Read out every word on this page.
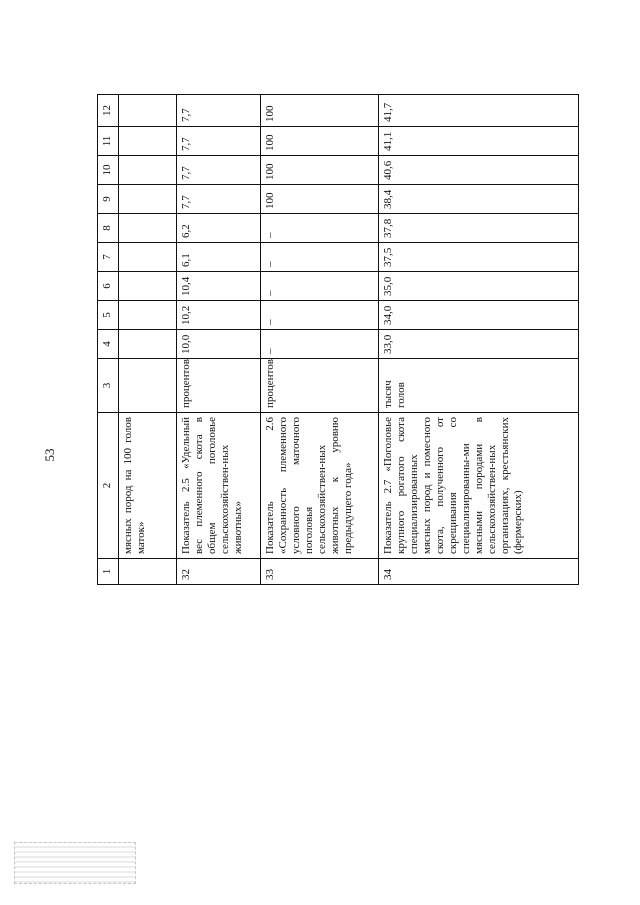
53
1	2	3	4	5	6	7	8	9	10	11	12
	мясных пород на 100 голов маток»										
32	Показатель 2.5 «Удельный вес племенного скота в общем поголовье сельскохозяйствен-ных животных»	процентов	10,0	10,2	10,4	6,1	6,2	7,7	7,7	7,7	7,7
33	Показатель 2.6 «Сохранность племенного условного маточного поголовья сельскохозяйствен-ных животных к уровню предыдущего года»	процентов	–	–	–	–	–	100	100	100	100
34	Показатель 2.7 «Поголовье крупного рогатого скота специализированных мясных пород и помесного скота, полученного от скрещивания со специализированны-ми мясными породами в сельскохозяйствен-ных организациях, крестьянских (фермерских)	тысяч голов	33,0	34,0	35,0	37,5	37,8	38,4	40,6	41,1	41,7
